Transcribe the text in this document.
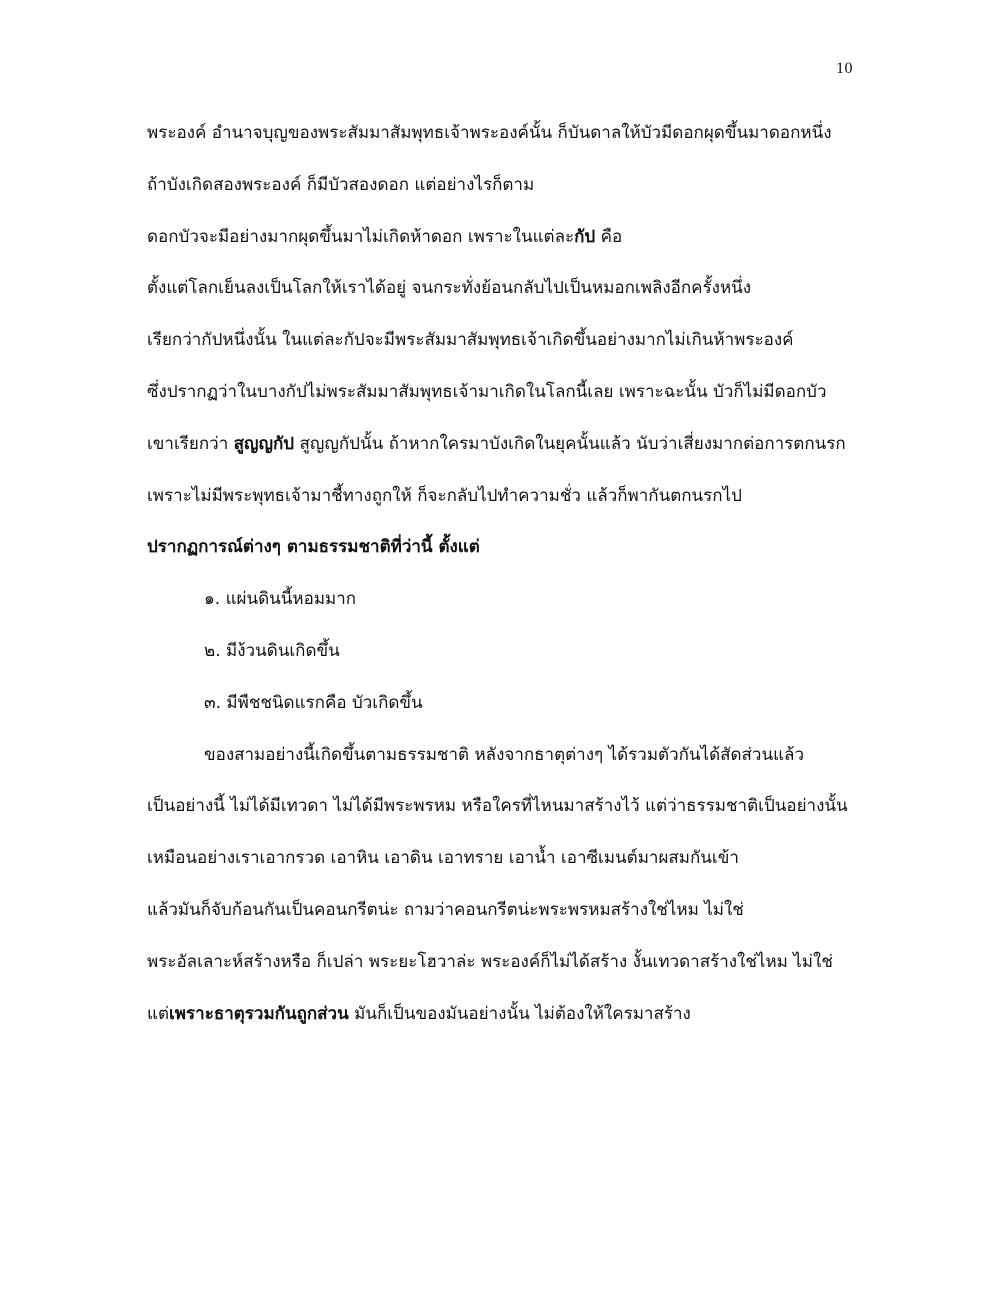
10
พระองค์ อำนาจบุญของพระสัมมาสัมพุทธเจ้าพระองค์นั้น ก็บันดาลให้บัวมีดอกผุดขึ้นมาดอกหนึ่ง
ถ้าบังเกิดสองพระองค์ ก็มีบัวสองดอก แต่อย่างไรก็ตาม
ดอกบัวจะมีอย่างมากผุดขึ้นมาไม่เกิดห้าดอก เพราะในแต่ละกัป คือ
ตั้งแต่โลกเย็นลงเป็นโลกให้เราได้อยู่ จนกระทั่งย้อนกลับไปเป็นหมอกเพลิงอีกครั้งหนึ่ง
เรียกว่ากัปหนึ่งนั้น ในแต่ละกัปจะมีพระสัมมาสัมพุทธเจ้าเกิดขึ้นอย่างมากไม่เกินห้าพระองค์
ซึ่งปรากฏว่าในบางกัปไม่พระสัมมาสัมพุทธเจ้ามาเกิดในโลกนี้เลย เพราะฉะนั้น บัวก็ไม่มีดอกบัว
เขาเรียกว่า สูญญกัป สูญญกัปนั้น ถ้าหากใครมาบังเกิดในยุคนั้นแล้ว นับว่าเสี่ยงมากต่อการตกนรก
เพราะไม่มีพระพุทธเจ้ามาชี้ทางถูกให้ ก็จะกลับไปทำความชั่ว แล้วก็พากันตกนรกไป
ปรากฏการณ์ต่างๆ ตามธรรมชาติที่ว่านี้ ตั้งแต่
๑. แผ่นดินนี้หอมมาก
๒. มีง้วนดินเกิดขึ้น
๓. มีพืชชนิดแรกคือ บัวเกิดขึ้น
ของสามอย่างนี้เกิดขึ้นตามธรรมชาติ หลังจากธาตุต่างๆ ได้รวมตัวกันได้สัดส่วนแล้ว
เป็นอย่างนี้ ไม่ได้มีเทวดา ไม่ได้มีพระพรหม หรือใครที่ไหนมาสร้างไว้ แต่ว่าธรรมชาติเป็นอย่างนั้น
เหมือนอย่างเราเอากรวด เอาหิน เอาดิน เอาทราย เอาน้ำ เอาซีเมนต์มาผสมกันเข้า
แล้วมันก็จับก้อนกันเป็นคอนกรีตน่ะ ถามว่าคอนกรีตน่ะพระพรหมสร้างใช่ไหม ไม่ใช่
พระอัลเลาะห์สร้างหรือ ก็เปล่า พระยะโฮวาล่ะ พระองค์ก็ไม่ได้สร้าง งั้นเทวดาสร้างใช่ไหม ไม่ใช่
แต่เพราะธาตุรวมกันถูกส่วน มันก็เป็นของมันอย่างนั้น ไม่ต้องให้ใครมาสร้าง
